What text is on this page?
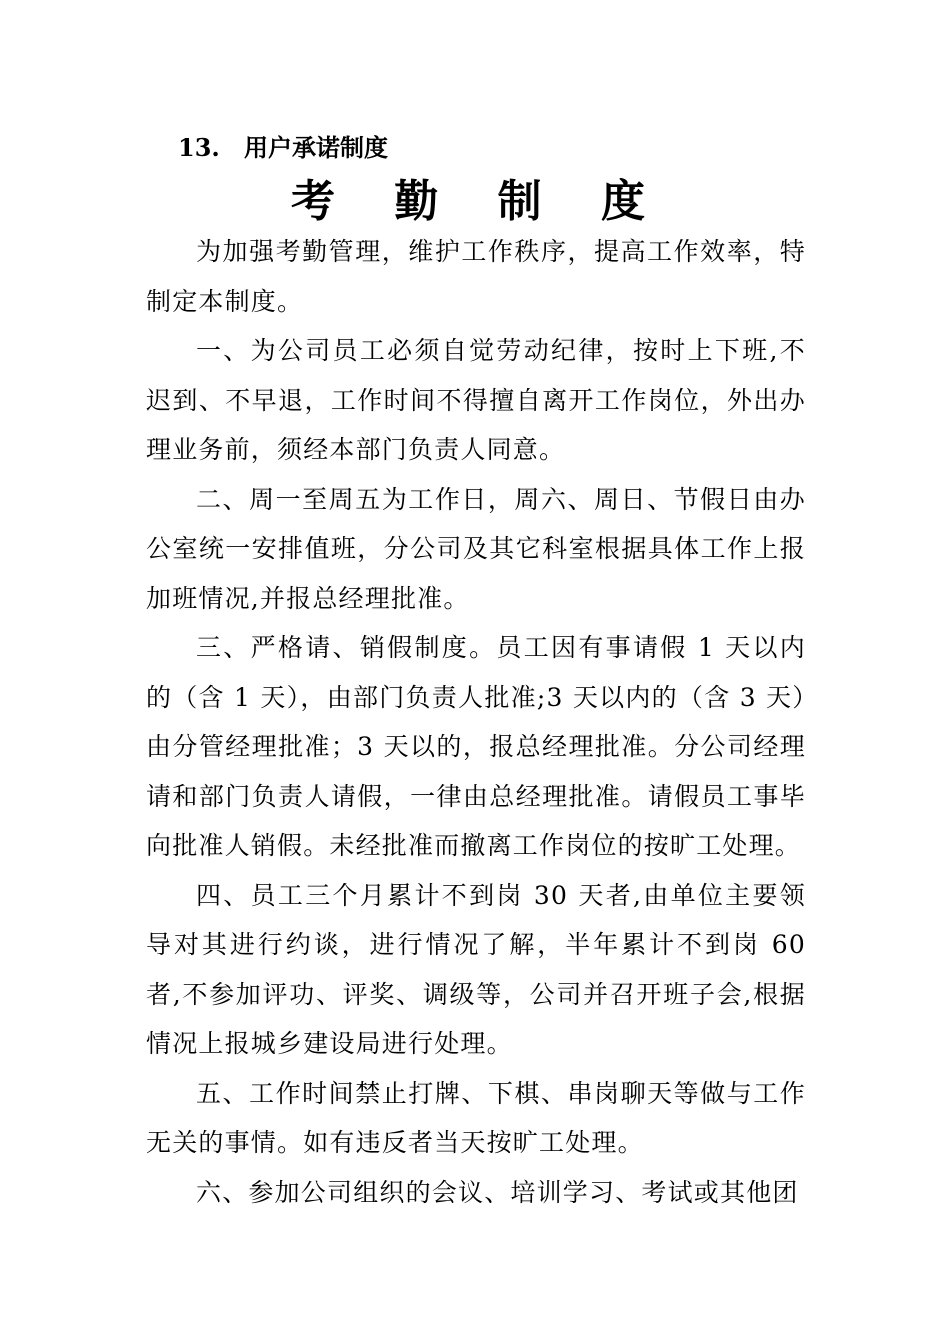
13. 用户承诺制度
考 勤 制 度

为加强考勤管理，维护工作秩序，提高工作效率，特制定本制度。

一、为公司员工必须自觉劳动纪律，按时上下班,不迟到、不早退，工作时间不得擅自离开工作岗位，外出办理业务前，须经本部门负责人同意。

二、周一至周五为工作日，周六、周日、节假日由办公室统一安排值班，分公司及其它科室根据具体工作上报加班情况,并报总经理批准。

三、严格请、销假制度。员工因有事请假 1 天以内的（含 1 天），由部门负责人批准;3 天以内的（含 3 天）由分管经理批准；3 天以的，报总经理批准。分公司经理请和部门负责人请假，一律由总经理批准。请假员工事毕向批准人销假。未经批准而撤离工作岗位的按旷工处理。

四、员工三个月累计不到岗 30 天者,由单位主要领导对其进行约谈，进行情况了解，半年累计不到岗 60 者,不参加评功、评奖、调级等，公司并召开班子会,根据情况上报城乡建设局进行处理。

五、工作时间禁止打牌、下棋、串岗聊天等做与工作无关的事情。如有违反者当天按旷工处理。

六、参加公司组织的会议、培训学习、考试或其他团
